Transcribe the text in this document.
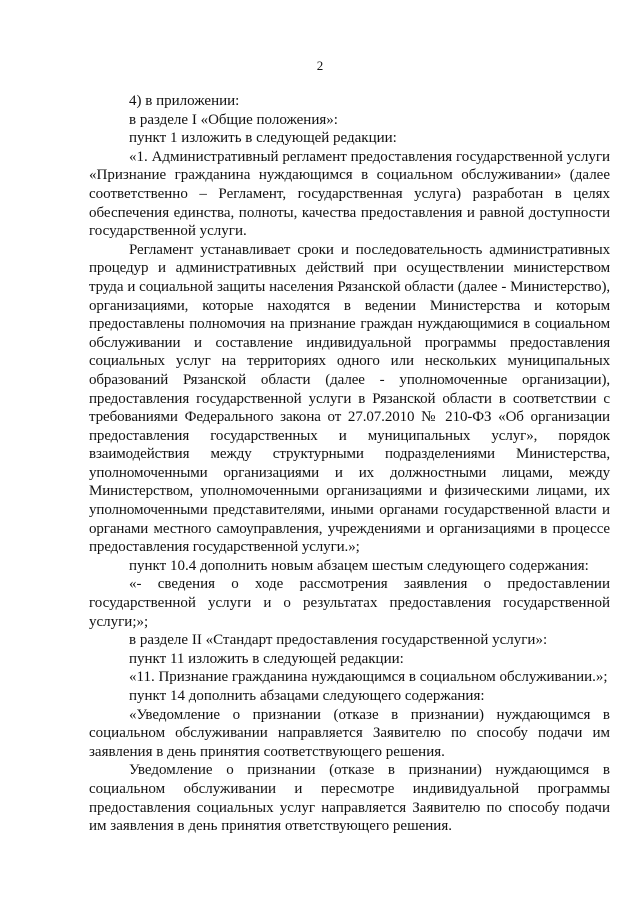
2

4) в приложении:

в разделе I «Общие положения»:

пункт 1 изложить в следующей редакции:

«1. Административный регламент предоставления государственной услуги «Признание гражданина нуждающимся в социальном обслуживании» (далее соответственно – Регламент, государственная услуга) разработан в целях обеспечения единства, полноты, качества предоставления и равной доступности государственной услуги.

Регламент устанавливает сроки и последовательность административных процедур и административных действий при осуществлении министерством труда и социальной защиты населения Рязанской области (далее - Министерство), организациями, которые находятся в ведении Министерства и которым предоставлены полномочия на признание граждан нуждающимися в социальном обслуживании и составление индивидуальной программы предоставления социальных услуг на территориях одного или нескольких муниципальных образований Рязанской области (далее - уполномоченные организации), предоставления государственной услуги в Рязанской области в соответствии с требованиями Федерального закона от 27.07.2010 № 210-ФЗ «Об организации предоставления государственных и муниципальных услуг», порядок взаимодействия между структурными подразделениями Министерства, уполномоченными организациями и их должностными лицами, между Министерством, уполномоченными организациями и физическими лицами, их уполномоченными представителями, иными органами государственной власти и органами местного самоуправления, учреждениями и организациями в процессе предоставления государственной услуги.»;

пункт 10.4 дополнить новым абзацем шестым следующего содержания:

«- сведения о ходе рассмотрения заявления о предоставлении государственной услуги и о результатах предоставления государственной услуги;»;

в разделе II «Стандарт предоставления государственной услуги»:

пункт 11 изложить в следующей редакции:

«11. Признание гражданина нуждающимся в социальном обслуживании.»;

пункт 14 дополнить абзацами следующего содержания:

«Уведомление о признании (отказе в признании) нуждающимся в социальном обслуживании направляется Заявителю по способу подачи им заявления в день принятия соответствующего решения.

Уведомление о признании (отказе в признании) нуждающимся в социальном обслуживании и пересмотре индивидуальной программы предоставления социальных услуг направляется Заявителю по способу подачи им заявления в день принятия ответствующего решения.
